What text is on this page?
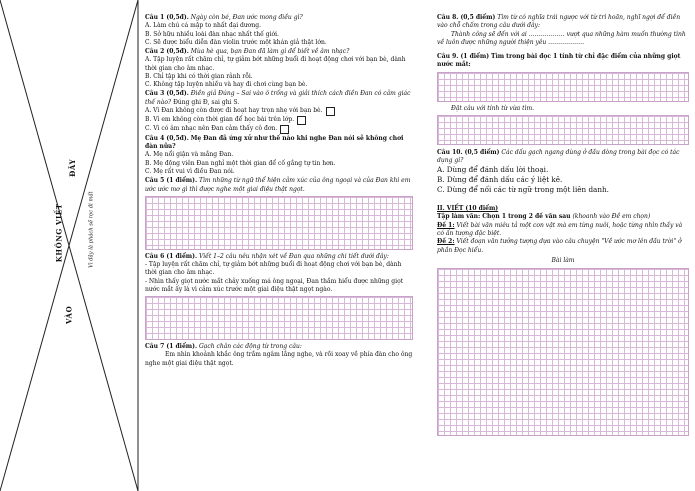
KHÔNG VIẾT
VÀO
ĐÂY
Vì đây là phách sẽ rọc đi mất
Câu 1 (0,5đ). Ngày còn bé, Đan ước mong điều gì?
A. Làm chú cá mập to nhất đại dương.
B. Sở hữu nhiều loài đàn nhạc nhất thế giới.
C. Sẽ được biểu diễn đàn violin trước một khán giả thật lớn.
Câu 2 (0,5đ). Mùa hè qua, bạn Đan đã làm gì để biết về âm nhạc?
A. Tập luyện rất chăm chỉ, tự giảm bớt những buổi đi hoạt động chơi với bạn bè, dành thời gian cho âm nhạc.
B. Chỉ tập khi có thời gian rảnh rỗi.
C. Không tập luyện nhiều và hay đi chơi cùng bạn bè.
Câu 3 (0,5đ). Điền giả Đúng – Sai vào ô trống và giải thích cách điền Đan có cảm giác thế nào? Đúng ghi Đ, sai ghi S.
A. Vì Đan không còn được đi hoạt hay trọn nhẹ với bạn bè.
B. Vì em không còn thời gian để học bài trên lớp.
C. Vì có âm nhạc nên Đan cảm thấy cô đơn.
Câu 4 (0,5đ). Mẹ Đan đã ứng xử như thế nào khi nghe Đan nói sẽ không chơi đàn nữa?
A. Mẹ nổi giận và mắng Đan.
B. Mẹ động viên Đan nghỉ một thời gian để cố gắng tự tin hơn.
C. Mẹ rất vui vì điều Đan nói.
Câu 5 (1 điểm). Tìm những từ ngữ thể hiện cảm xúc của ông ngoại và của Đan khi em ước ước mơ gì thì được nghe một giai điệu thật ngọt.
Câu 6 (1 điểm). Viết 1–2 câu nêu nhận xét về Đan qua những chi tiết dưới đây:
- Tập luyện rất chăm chỉ, tự giảm bớt những buổi đi hoạt động chơi với bạn bè, dành thời gian cho âm nhạc.
- Nhìn thấy giọt nước mắt chảy xuống má ông ngoại, Đan thầm hiểu được những giọt nước mắt ấy là vì cảm xúc trước một giai điệu thật ngọt ngào.
Câu 7 (1 điểm). Gạch chân các động từ trong câu:
Em nhìn khoảnh khắc ông trầm ngâm lắng nghe, và rồi xoay về phía đàn cho ông nghe một giai điệu thật ngọt.
Câu 8. (0,5 điểm) Tìm từ có nghĩa trái ngược với từ trì hoãn, nghĩ ngợi để điền vào chỗ chấm trong câu dưới đây:
Thành công sẽ đến với ai ……………… vượt qua những hàm muốn thường tình về luôn được những người thiện yêu ………………
Câu 9. (1 điểm) Tìm trong bài đọc 1 tính từ chỉ đặc điểm của những giọt nước mắt:
Đặt câu với tính từ vừa tìm.
Câu 10. (0,5 điểm) Các dấu gạch ngang dùng ở đầu dòng trong bài đọc có tác dụng gì?
A. Dùng để đánh dấu lời thoại.
B. Dùng để đánh dấu các ý liệt kê.
C. Dùng để nối các từ ngữ trong một liên danh.
II. VIẾT (10 điểm)
Tập làm văn: Chọn 1 trong 2 đề văn sau (khoanh vào Đề em chọn)
Đề 1: Viết bài văn miêu tả một con vật mà em từng nuôi, hoặc từng nhìn thấy và có ấn tượng đặc biệt.
Đề 2: Viết đoạn văn tưởng tượng dựa vào câu chuyện "Về ước mơ lên đầu trời" ở phần Đọc hiểu.
Bài làm
